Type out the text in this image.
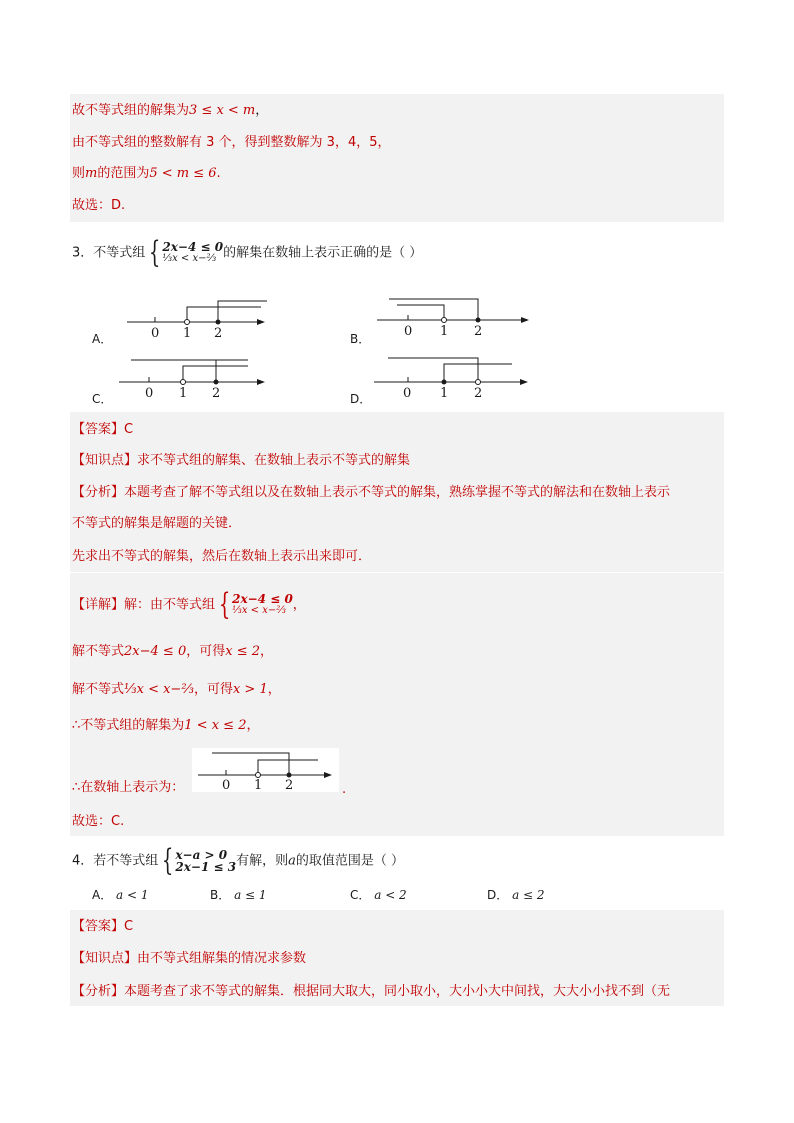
故不等式组的解集为3 ≤ x < m，
由不等式组的整数解有 3 个，得到整数解为 3，4，5，
则m的范围为5 < m ≤ 6.
故选：D.
3．不等式组 { 2x−4 ≤ 0
⅓x < x−⅔ 的解集在数轴上表示正确的是（ ）
A．	B．
C．	D．
0 1 2	0 1 2
0 1 2	0 1 2
【答案】C
【知识点】求不等式组的解集、在数轴上表示不等式的解集
【分析】本题考查了解不等式组以及在数轴上表示不等式的解集，熟练掌握不等式的解法和在数轴上表示
不等式的解集是解题的关键．
先求出不等式的解集，然后在数轴上表示出来即可．
【详解】解：由不等式组 { 2x−4 ≤ 0
⅓x < x−⅔ ，
解不等式2x−4 ≤ 0，可得x ≤ 2，
解不等式⅓x < x−⅔，可得x > 1，
∴不等式组的解集为1 < x ≤ 2，
∴在数轴上表示为：	.
0 1 2
故选：C.
4．若不等式组 { x−a > 0
2x−1 ≤ 3 有解，则a的取值范围是（ ）
A． a < 1	B． a ≤ 1	C． a < 2	D． a ≤ 2
【答案】C
【知识点】由不等式组解集的情况求参数
【分析】本题考查了求不等式的解集．根据同大取大，同小取小，大小小大中间找，大大小小找不到（无
